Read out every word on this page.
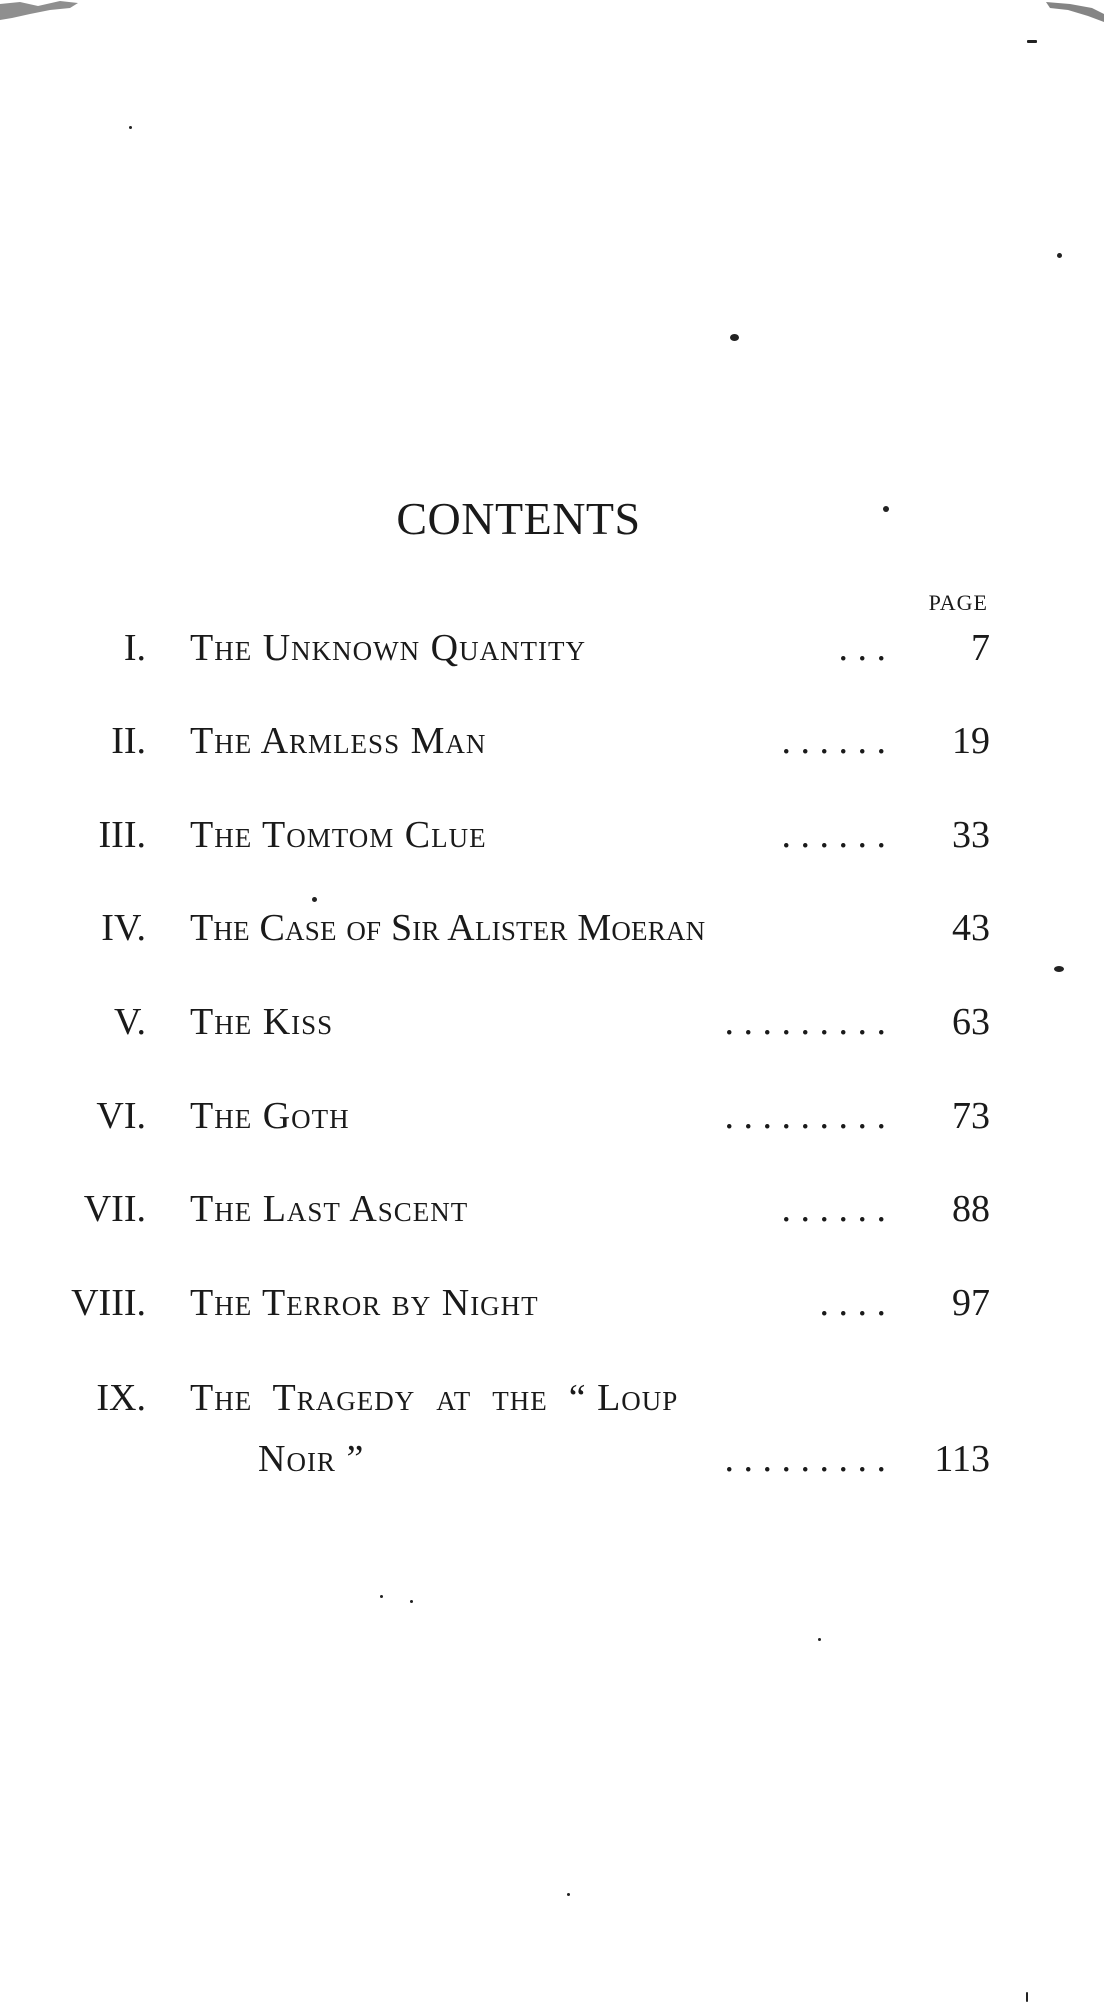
CONTENTS
PAGE
I. The Unknown Quantity	. . . 7
II. The Armless Man	. . . . . . 19
III. The Tomtom Clue	. . . . . . 33
IV. The Case of Sir Alister Moeran	43
V. The Kiss	. . . . . . . . . 63
VI. The Goth	. . . . . . . . . 73
VII. The Last Ascent	. . . . . . 88
VIII. The Terror by Night	. . . . 97
IX. The  Tragedy  at  the  “ Loup
Noir ”	. . . . . . . . . 113
